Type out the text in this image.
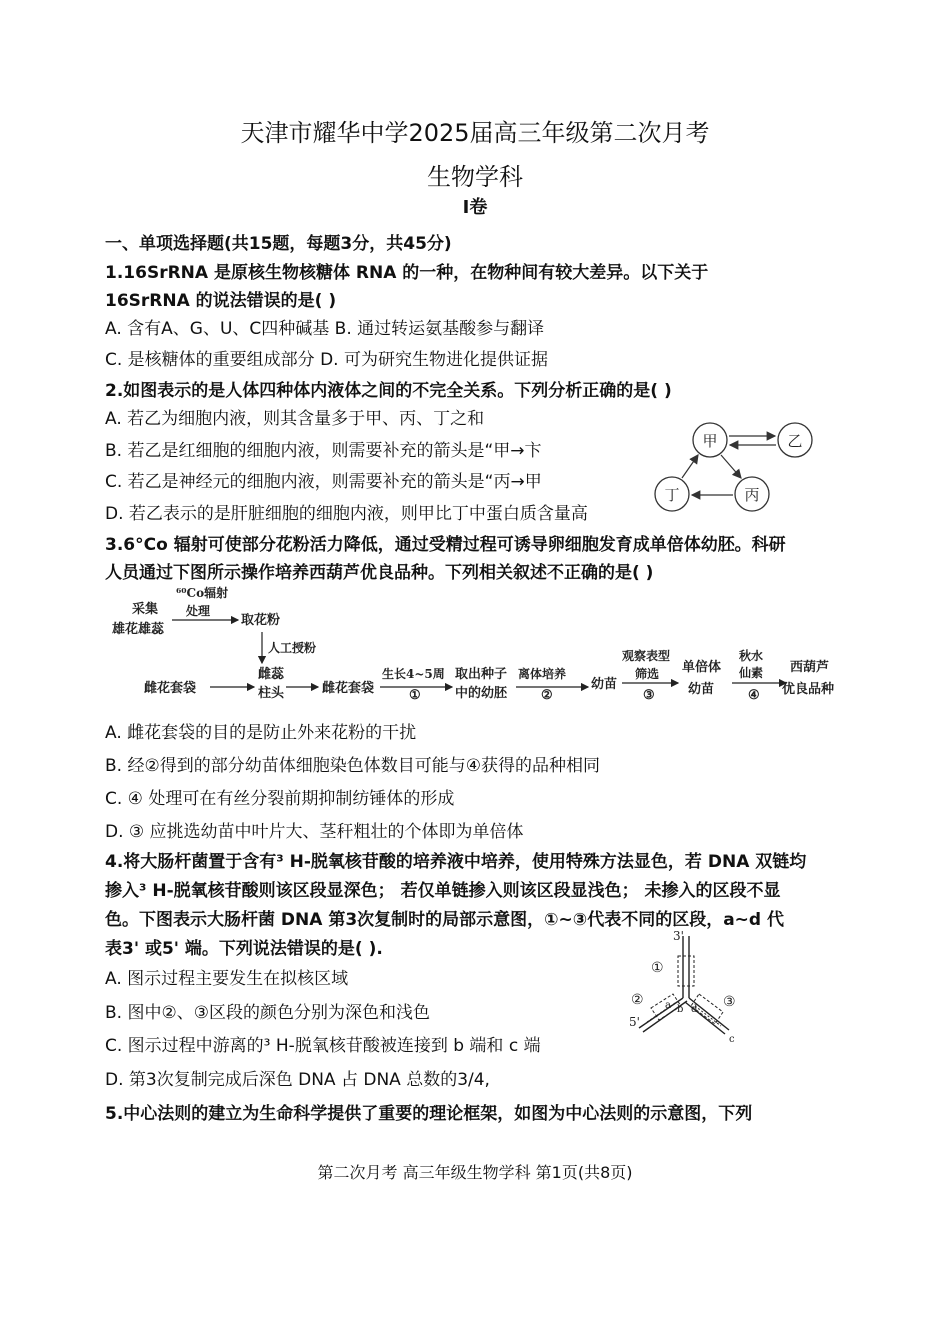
天津市耀华中学2025届高三年级第二次月考
生物学科
I卷
一、单项选择题(共15题，每题3分，共45分)
1.16SrRNA 是原核生物核糖体 RNA 的一种，在物种间有较大差异。以下关于
16SrRNA 的说法错误的是( )
A. 含有A、G、U、C四种碱基 B. 通过转运氨基酸参与翻译
C. 是核糖体的重要组成部分 D. 可为研究生物进化提供证据
2.如图表示的是人体四种体内液体之间的不完全关系。下列分析正确的是( )
A. 若乙为细胞内液，则其含量多于甲、丙、丁之和
B. 若乙是红细胞的细胞内液，则需要补充的箭头是“甲→卞
C. 若乙是神经元的细胞内液，则需要补充的箭头是“丙→甲
D. 若乙表示的是肝脏细胞的细胞内液，则甲比丁中蛋白质含量高
甲	乙
丁	丙
3.6°Co 辐射可使部分花粉活力降低，通过受精过程可诱导卵细胞发育成单倍体幼胚。科研
人员通过下图所示操作培养西葫芦优良品种。下列相关叙述不正确的是( )
采集
雄花雄蕊
⁶⁰Co辐射
处理
取花粉
人工授粉
雌花套袋
雌蕊
柱头	雌花套袋
生长4~5周
①
取出种子
中的幼胚
离体培养
②
幼苗
观察表型
筛选
③
单倍体
幼苗
秋水
仙素
④
西葫芦
优良品种
A. 雌花套袋的目的是防止外来花粉的干扰
B. 经②得到的部分幼苗体细胞染色体数目可能与④获得的品种相同
C. ④ 处理可在有丝分裂前期抑制纺锤体的形成
D. ③ 应挑选幼苗中叶片大、茎秆粗壮的个体即为单倍体
4.将大肠杆菌置于含有³ H-脱氧核苷酸的培养液中培养，使用特殊方法显色，若 DNA 双链均
掺入³ H-脱氧核苷酸则该区段显深色； 若仅单链掺入则该区段显浅色； 未掺入的区段不显
色。下图表示大肠杆菌 DNA 第3次复制时的局部示意图，①~③代表不同的区段，a~d 代
表3' 或5' 端。下列说法错误的是( ).
A. 图示过程主要发生在拟核区域
B. 图中②、③区段的颜色分别为深色和浅色
C. 图示过程中游离的³ H-脱氧核苷酸被连接到 b 端和 c 端
D. 第3次复制完成后深色 DNA 占 DNA 总数的3/4,
3'
①
②	③
5'
a b
c
d
5.中心法则的建立为生命科学提供了重要的理论框架，如图为中心法则的示意图，下列
第二次月考 高三年级生物学科 第1页(共8页)
